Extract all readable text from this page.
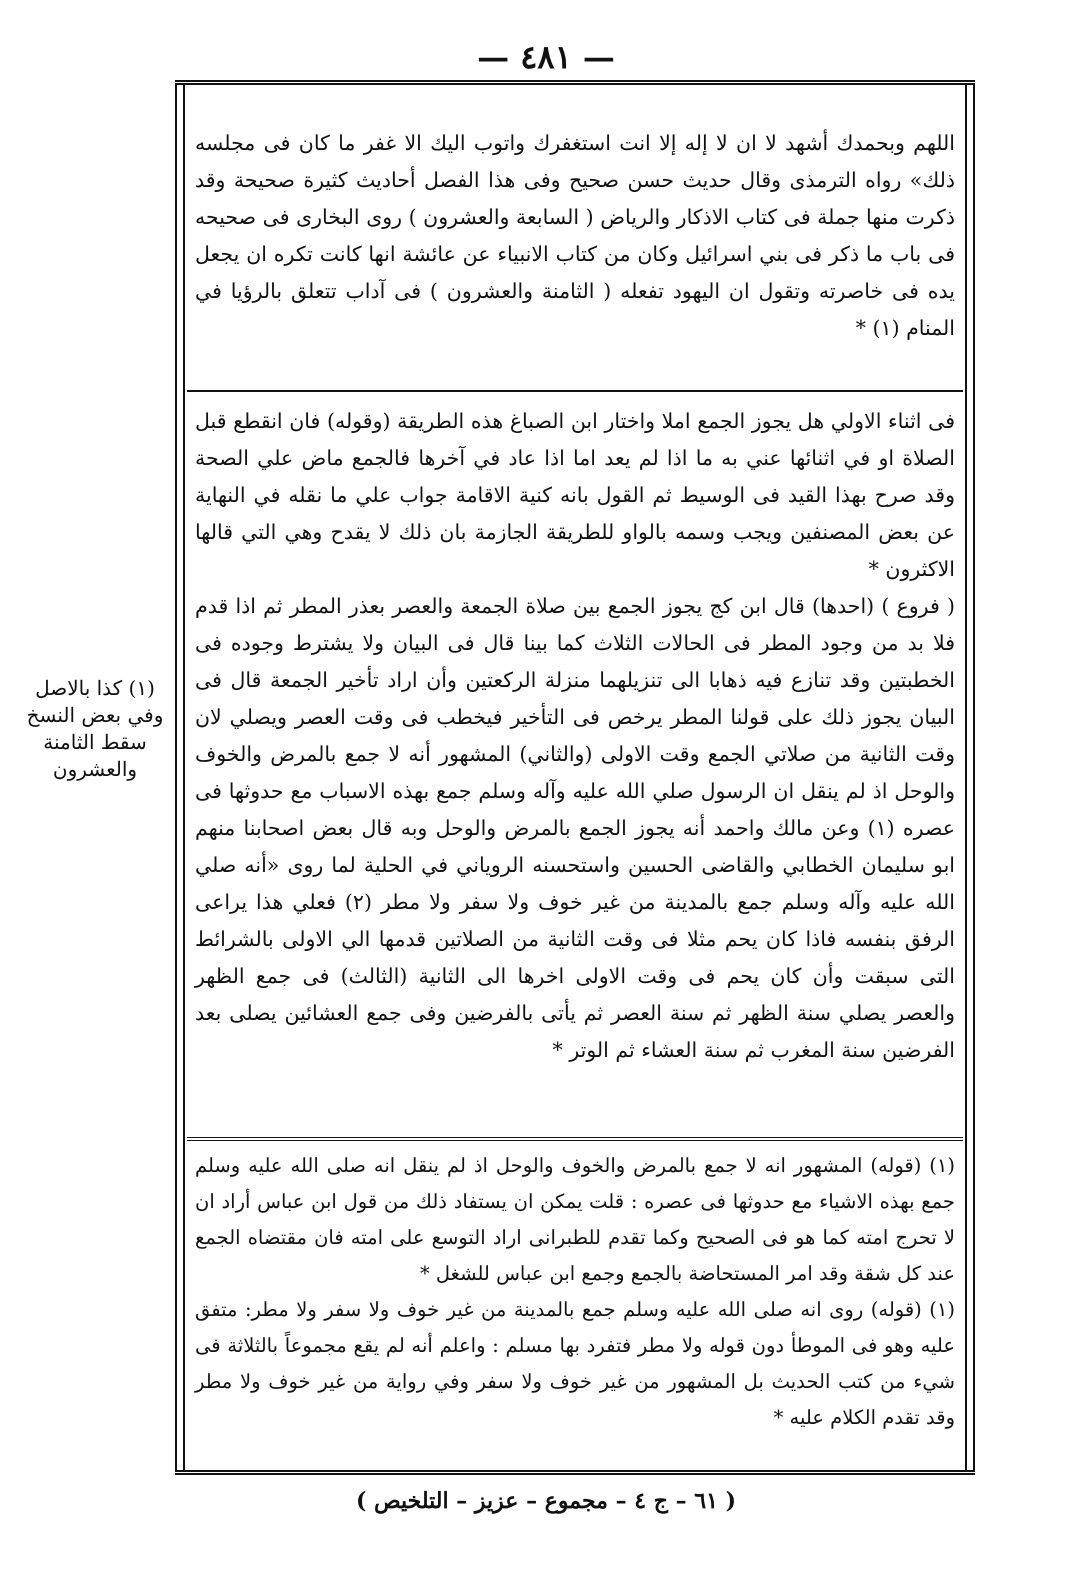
— ٤٨١ —
(١) كذا بالاصل
وفي بعض النسخ
سقط الثامنة
والعشرون

اللهم وبحمدك أشهد لا ان لا إله إلا انت استغفرك واتوب اليك الا غفر ما كان فى مجلسه ذلك» رواه الترمذى وقال حديث حسن صحيح وفى هذا الفصل أحاديث كثيرة صحيحة وقد ذكرت منها جملة فى كتاب الاذكار والرياض ( السابعة والعشرون ) روى البخارى فى صحيحه فى باب ما ذكر فى بني اسرائيل وكان من كتاب الانبياء عن عائشة انها كانت تكره ان يجعل يده فى خاصرته وتقول ان اليهود تفعله ( الثامنة والعشرون ) فى آداب تتعلق بالرؤيا في المنام (١) *

فى اثناء الاولي هل يجوز الجمع املا واختار ابن الصباغ هذه الطريقة (وقوله) فان انقطع قبل الصلاة او في اثنائها عني به ما اذا لم يعد اما اذا عاد في آخرها فالجمع ماض علي الصحة وقد صرح بهذا القيد فى الوسيط ثم القول بانه كنية الاقامة جواب علي ما نقله في النهاية عن بعض المصنفين ويجب وسمه بالواو للطريقة الجازمة بان ذلك لا يقدح وهي التي قالها الاكثرون *

( فروع ) (احدها) قال ابن كج يجوز الجمع بين صلاة الجمعة والعصر بعذر المطر ثم اذا قدم فلا بد من وجود المطر فى الحالات الثلاث كما بينا قال فى البيان ولا يشترط وجوده فى الخطبتين وقد تنازع فيه ذهابا الى تنزيلهما منزلة الركعتين وأن اراد تأخير الجمعة قال فى البيان يجوز ذلك على قولنا المطر يرخص فى التأخير فيخطب فى وقت العصر ويصلي لان وقت الثانية من صلاتي الجمع وقت الاولى (والثاني) المشهور أنه لا جمع بالمرض والخوف والوحل اذ لم ينقل ان الرسول صلي الله عليه وآله وسلم جمع بهذه الاسباب مع حدوثها فى عصره (١) وعن مالك واحمد أنه يجوز الجمع بالمرض والوحل وبه قال بعض اصحابنا منهم ابو سليمان الخطابي والقاضى الحسين واستحسنه الروياني في الحلية لما روى «أنه صلي الله عليه وآله وسلم جمع بالمدينة من غير خوف ولا سفر ولا مطر (٢) فعلي هذا يراعى الرفق بنفسه فاذا كان يحم مثلا فى وقت الثانية من الصلاتين قدمها الي الاولى بالشرائط التى سبقت وأن كان يحم فى وقت الاولى اخرها الى الثانية (الثالث) فى جمع الظهر والعصر يصلي سنة الظهر ثم سنة العصر ثم يأتى بالفرضين وفى جمع العشائين يصلى بعد الفرضين سنة المغرب ثم سنة العشاء ثم الوتر *

(١) (قوله) المشهور انه لا جمع بالمرض والخوف والوحل اذ لم ينقل انه صلى الله عليه وسلم جمع بهذه الاشياء مع حدوثها فى عصره : قلت يمكن ان يستفاد ذلك من قول ابن عباس أراد ان لا تحرج امته كما هو فى الصحيح وكما تقدم للطبرانى اراد التوسع على امته فان مقتضاه الجمع عند كل شقة وقد امر المستحاضة بالجمع وجمع ابن عباس للشغل *

(١) (قوله) روى انه صلى الله عليه وسلم جمع بالمدينة من غير خوف ولا سفر ولا مطر: متفق عليه وهو فى الموطأ دون قوله ولا مطر فتفرد بها مسلم : واعلم أنه لم يقع مجموعاً بالثلاثة فى شيء من كتب الحديث بل المشهور من غير خوف ولا سفر وفي رواية من غير خوف ولا مطر وقد تقدم الكلام عليه *

( ٦١ – ج ٤ – مجموع – عزيز – التلخيص )
